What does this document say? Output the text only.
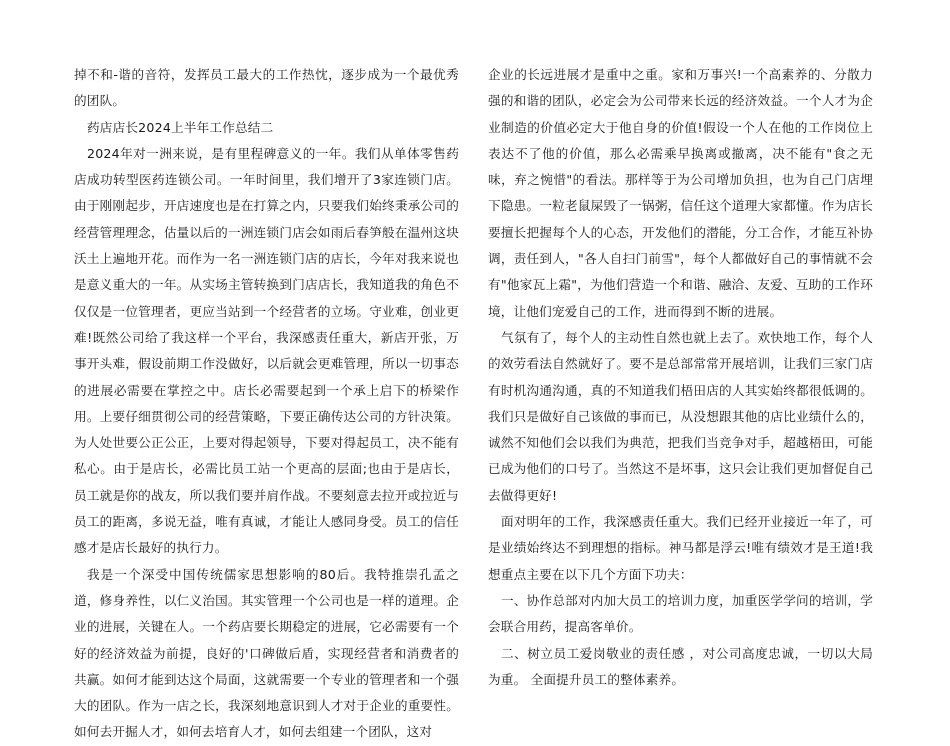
掉不和-谐的音符，发挥员工最大的工作热忱，逐步成为一个最优秀的团队。

药店店长2024上半年工作总结二

2024年对一洲来说，是有里程碑意义的一年。我们从单体零售药店成功转型医药连锁公司。一年时间里，我们增开了3家连锁门店。由于刚刚起步，开店速度也是在打算之内，只要我们始终秉承公司的经营管理理念，估量以后的一洲连锁门店会如雨后春笋般在温州这块沃土上遍地开花。而作为一名一洲连锁门店的店长，今年对我来说也是意义重大的一年。从实场主管转换到门店店长，我知道我的角色不仅仅是一位管理者，更应当站到一个经营者的立场。守业难，创业更难!既然公司给了我这样一个平台，我深感责任重大，新店开张，万事开头难，假设前期工作没做好，以后就会更难管理，所以一切事态的进展必需要在掌控之中。店长必需要起到一个承上启下的桥梁作用。上要仔细贯彻公司的经营策略，下要正确传达公司的方针决策。为人处世要公正公正，上要对得起领导，下要对得起员工，决不能有私心。由于是店长，必需比员工站一个更高的层面;也由于是店长，员工就是你的战友，所以我们要并肩作战。不要刻意去拉开或拉近与员工的距离，多说无益，唯有真诚，才能让人感同身受。员工的信任感才是店长最好的执行力。

我是一个深受中国传统儒家思想影响的80后。我特推崇孔孟之道，修身养性，以仁义治国。其实管理一个公司也是一样的道理。企业的进展，关键在人。一个药店要长期稳定的进展，它必需要有一个好的经济效益为前提，良好的'口碑做后盾，实现经营者和消费者的共赢。如何才能到达这个局面，这就需要一个专业的管理者和一个强大的团队。作为一店之长，我深刻地意识到人才对于企业的重要性。如何去开掘人才，如何去培育人才，如何去组建一个团队，这对

企业的长远进展才是重中之重。家和万事兴!一个高素养的、分散力强的和谐的团队，必定会为公司带来长远的经济效益。一个人才为企业制造的价值必定大于他自身的价值!假设一个人在他的工作岗位上表达不了他的价值，那么必需乘早换离或撤离，决不能有"食之无味，弃之惋惜"的看法。那样等于为公司增加负担，也为自己门店埋下隐患。一粒老鼠屎毁了一锅粥，信任这个道理大家都懂。作为店长要擅长把握每个人的心态，开发他们的潜能，分工合作，才能互补协调，责任到人，"各人自扫门前雪"，每个人都做好自己的事情就不会有"他家瓦上霜"，为他们营造一个和谐、融洽、友爱、互助的工作环境，让他们宠爱自己的工作，进而得到不断的进展。

气氛有了，每个人的主动性自然也就上去了。欢快地工作，每个人的效劳看法自然就好了。要不是总部常常开展培训，让我们三家门店有时机沟通沟通，真的不知道我们梧田店的人其实始终都很低调的。我们只是做好自己该做的事而已，从没想跟其他的店比业绩什么的，诚然不知他们会以我们为典范，把我们当竞争对手，超越梧田，可能已成为他们的口号了。当然这不是坏事，这只会让我们更加督促自己去做得更好!

面对明年的工作，我深感责任重大。我们已经开业接近一年了，可是业绩始终达不到理想的指标。神马都是浮云!唯有绩效才是王道!我想重点主要在以下几个方面下功夫：

一、协作总部对内加大员工的培训力度，加重医学学问的培训，学会联合用药，提高客单价。

二、树立员工爱岗敬业的责任感 ，对公司高度忠诚，一切以大局为重。 全面提升员工的整体素养。
